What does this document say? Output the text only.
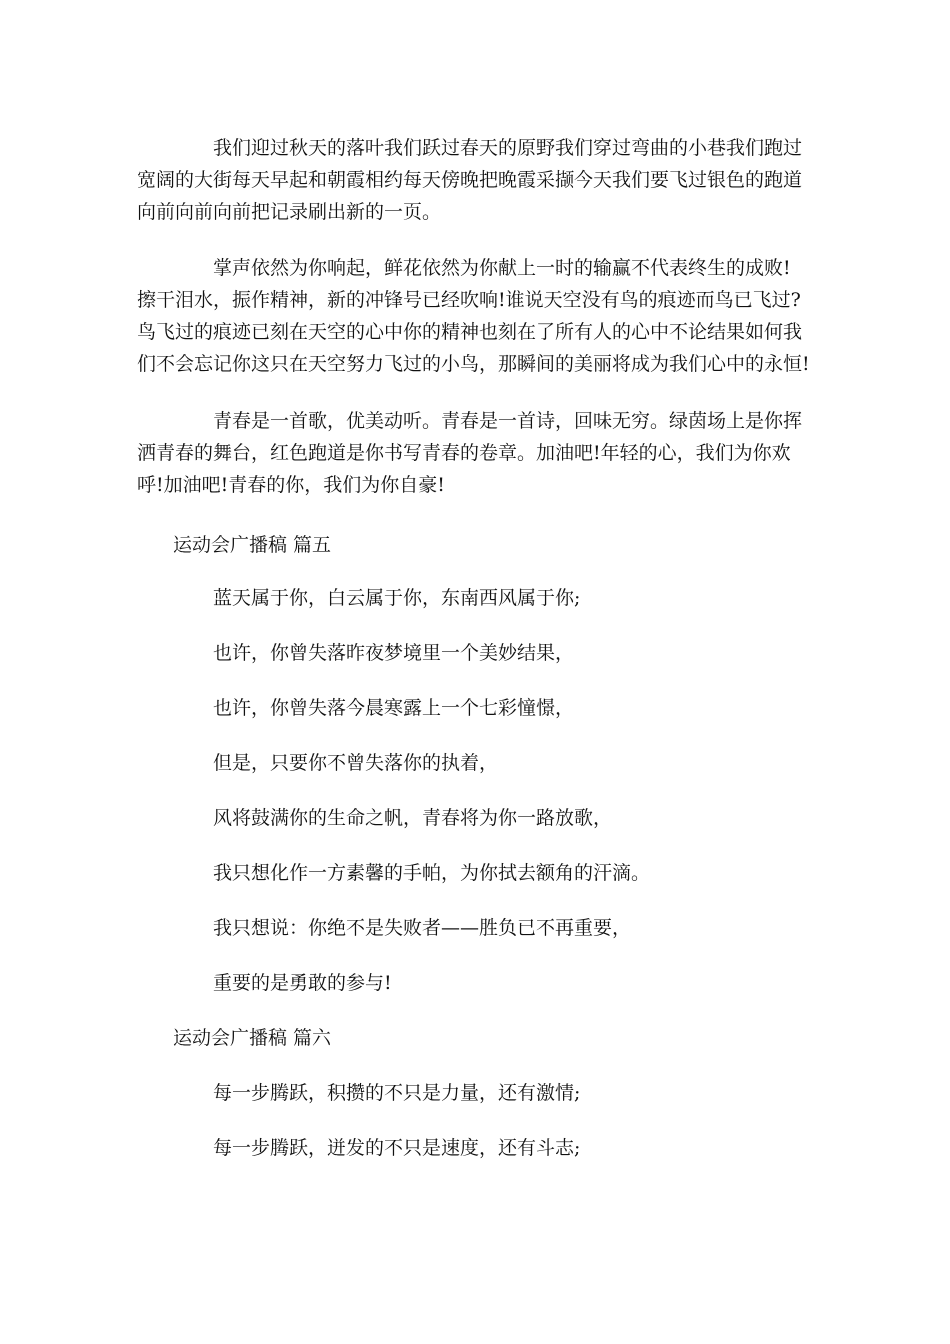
我们迎过秋天的落叶我们跃过春天的原野我们穿过弯曲的小巷我们跑过
宽阔的大街每天早起和朝霞相约每天傍晚把晚霞采撷今天我们要飞过银色的跑道
向前向前向前把记录刷出新的一页。
掌声依然为你响起，鲜花依然为你献上一时的输赢不代表终生的成败!
擦干泪水，振作精神，新的冲锋号已经吹响!谁说天空没有鸟的痕迹而鸟已飞过?
鸟飞过的痕迹已刻在天空的心中你的精神也刻在了所有人的心中不论结果如何我
们不会忘记你这只在天空努力飞过的小鸟，那瞬间的美丽将成为我们心中的永恒!
青春是一首歌，优美动听。青春是一首诗，回味无穷。绿茵场上是你挥
洒青春的舞台，红色跑道是你书写青春的卷章。加油吧!年轻的心，我们为你欢
呼!加油吧!青春的你，我们为你自豪!
运动会广播稿 篇五
蓝天属于你，白云属于你，东南西风属于你;
也许，你曾失落昨夜梦境里一个美妙结果，
也许，你曾失落今晨寒露上一个七彩憧憬，
但是，只要你不曾失落你的执着，
风将鼓满你的生命之帆，青春将为你一路放歌，
我只想化作一方素馨的手帕，为你拭去额角的汗滴。
我只想说：你绝不是失败者——胜负已不再重要，
重要的是勇敢的参与!
运动会广播稿 篇六
每一步腾跃，积攒的不只是力量，还有激情;
每一步腾跃，迸发的不只是速度，还有斗志;
